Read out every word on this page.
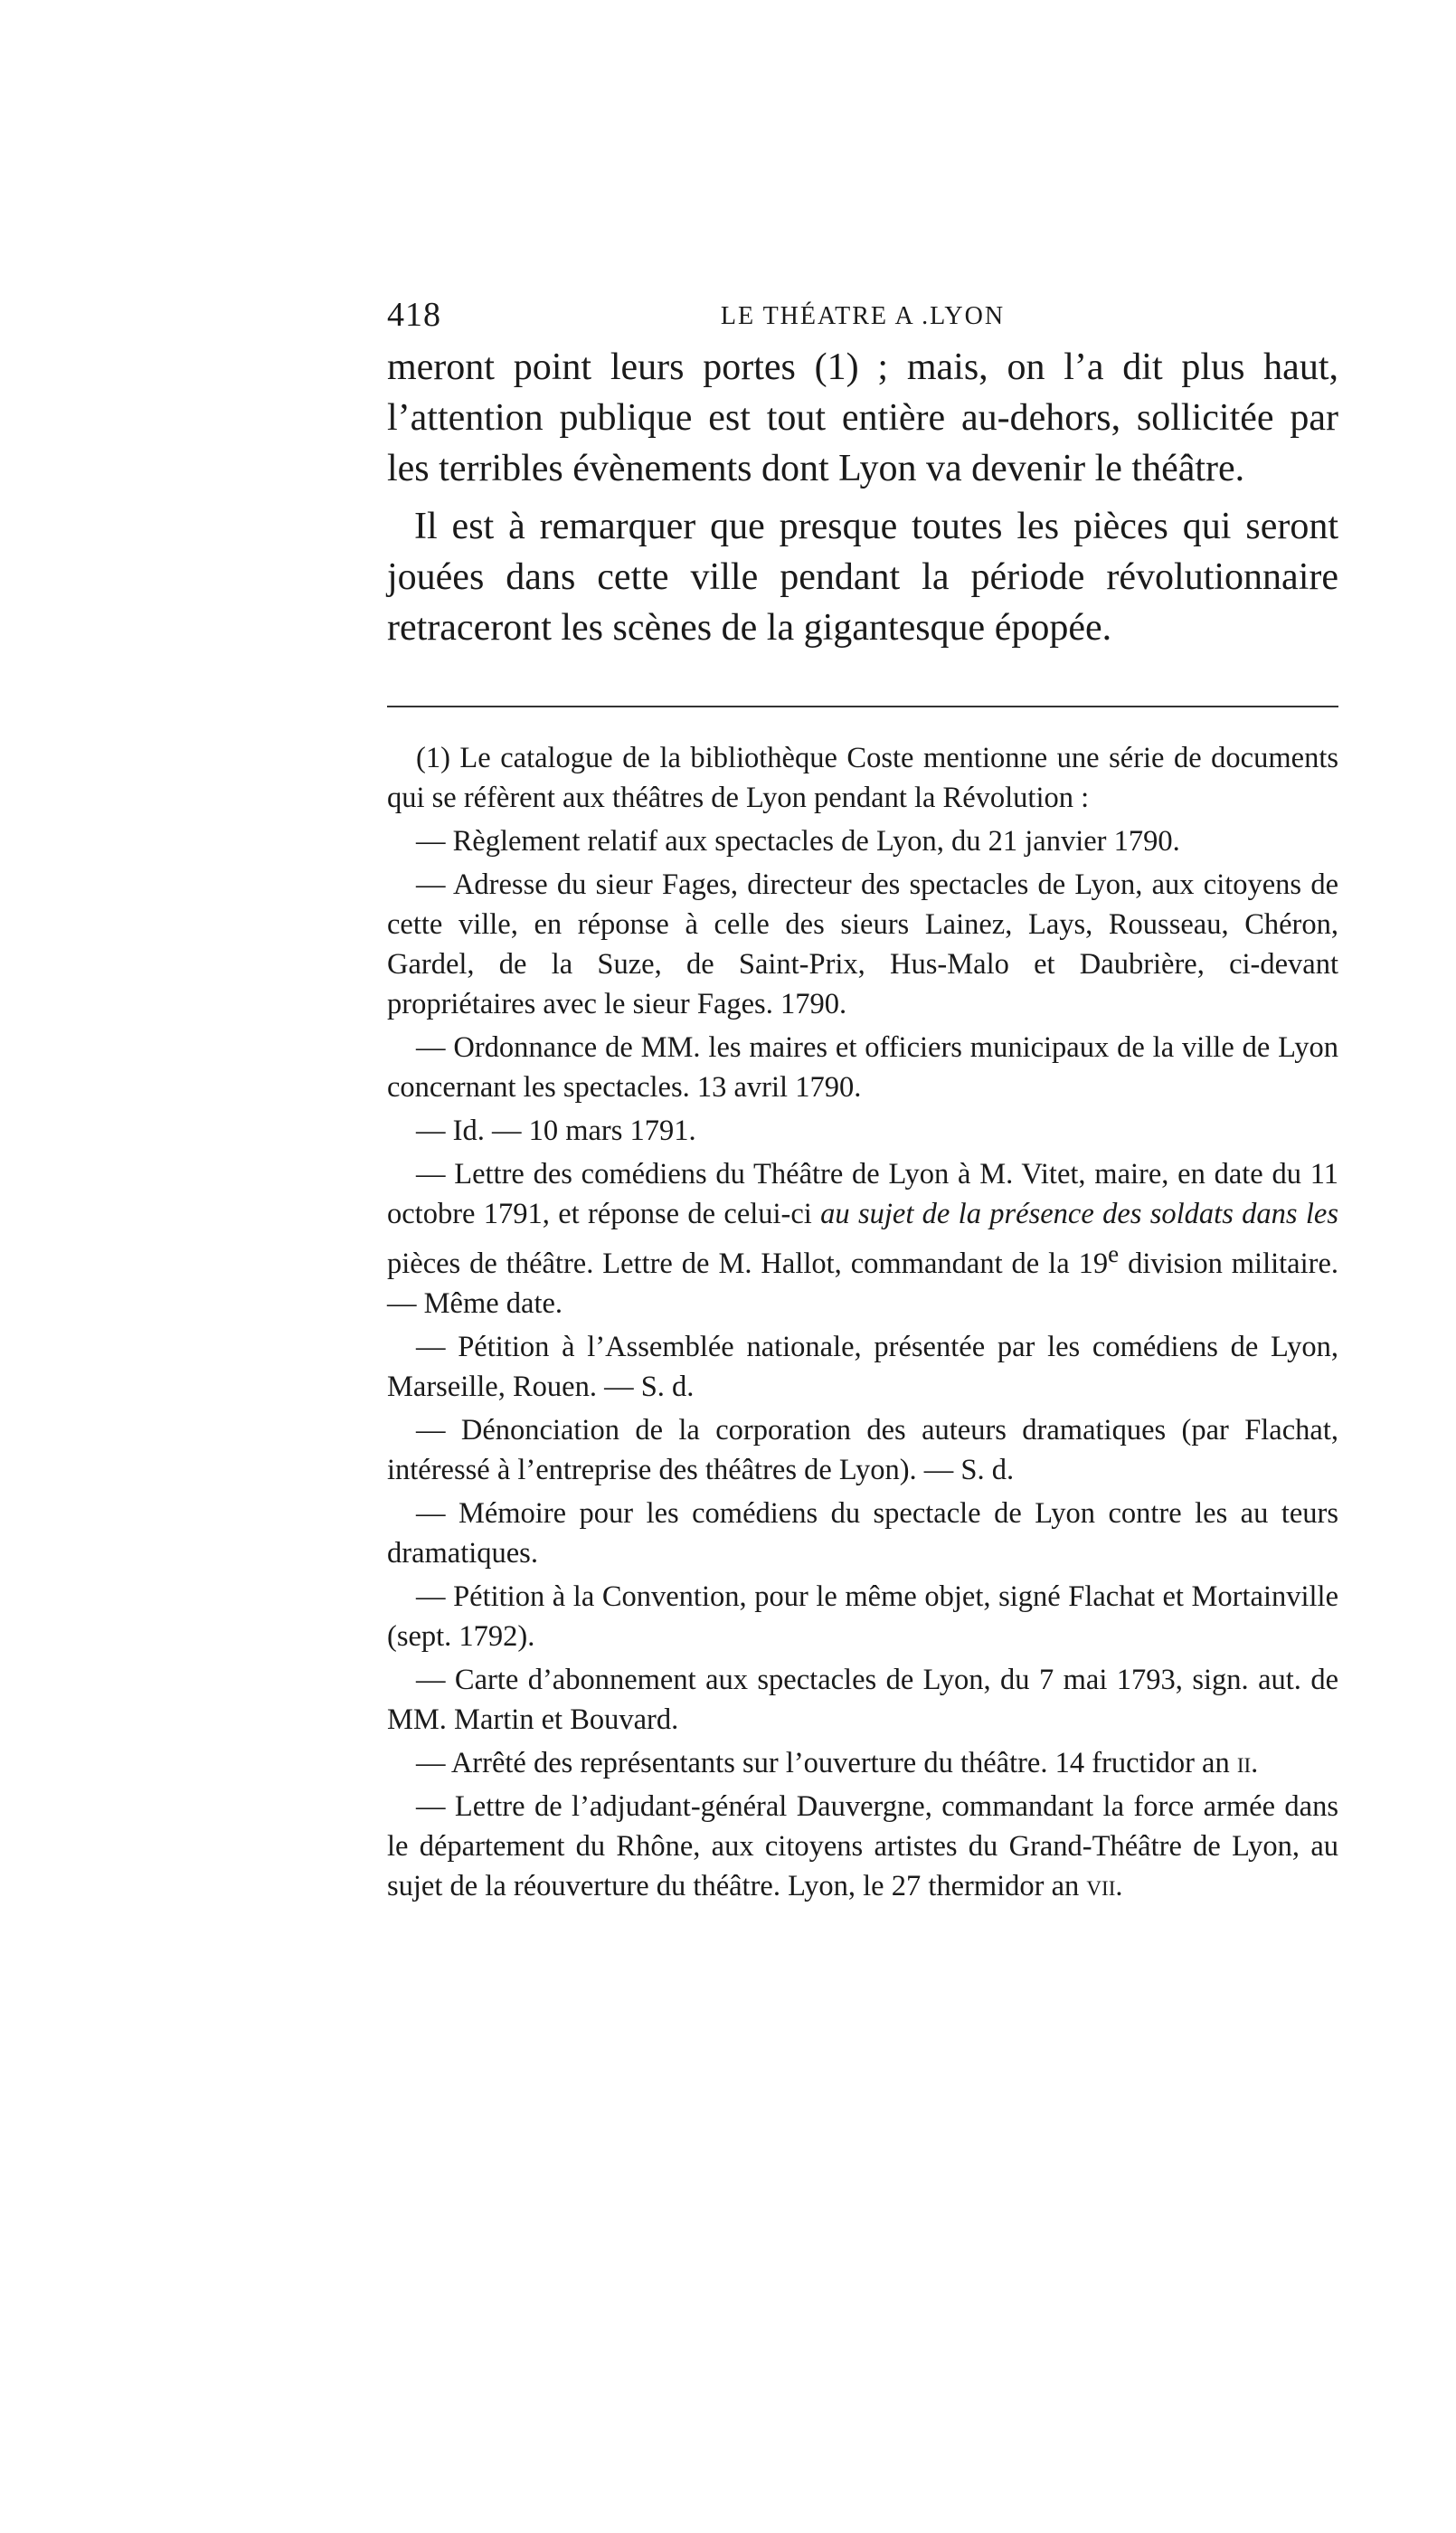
418	LE THÉATRE A .LYON

meront point leurs portes (1) ; mais, on l’a dit plus haut, l’attention publique est tout entière au-dehors, sollicitée par les terribles évènements dont Lyon va devenir le théâtre.

Il est à remarquer que presque toutes les pièces qui seront jouées dans cette ville pendant la période révolutionnaire retraceront les scènes de la gigantesque épopée.

(1) Le catalogue de la bibliothèque Coste mentionne une série de documents qui se réfèrent aux théâtres de Lyon pendant la Révolution :

— Règlement relatif aux spectacles de Lyon, du 21 janvier 1790.

— Adresse du sieur Fages, directeur des spectacles de Lyon, aux citoyens de cette ville, en réponse à celle des sieurs Lainez, Lays, Rousseau, Chéron, Gardel, de la Suze, de Saint-Prix, Hus-Malo et Daubrière, ci-devant propriétaires avec le sieur Fages. 1790.

— Ordonnance de MM. les maires et officiers municipaux de la ville de Lyon concernant les spectacles. 13 avril 1790.

— Id. — 10 mars 1791.

— Lettre des comédiens du Théâtre de Lyon à M. Vitet, maire, en date du 11 octobre 1791, et réponse de celui-ci au sujet de la présence des soldats dans les pièces de théâtre. Lettre de M. Hallot, commandant de la 19e division militaire. — Même date.

— Pétition à l’Assemblée nationale, présentée par les comédiens de Lyon, Marseille, Rouen. — S. d.

— Dénonciation de la corporation des auteurs dramatiques (par Flachat, intéressé à l’entreprise des théâtres de Lyon). — S. d.

— Mémoire pour les comédiens du spectacle de Lyon contre les au teurs dramatiques.

— Pétition à la Convention, pour le même objet, signé Flachat et Mortainville (sept. 1792).

— Carte d’abonnement aux spectacles de Lyon, du 7 mai 1793, sign. aut. de MM. Martin et Bouvard.

— Arrêté des représentants sur l’ouverture du théâtre. 14 fructidor an ii.

— Lettre de l’adjudant-général Dauvergne, commandant la force armée dans le département du Rhône, aux citoyens artistes du Grand-Théâtre de Lyon, au sujet de la réouverture du théâtre. Lyon, le 27 thermidor an vii.
